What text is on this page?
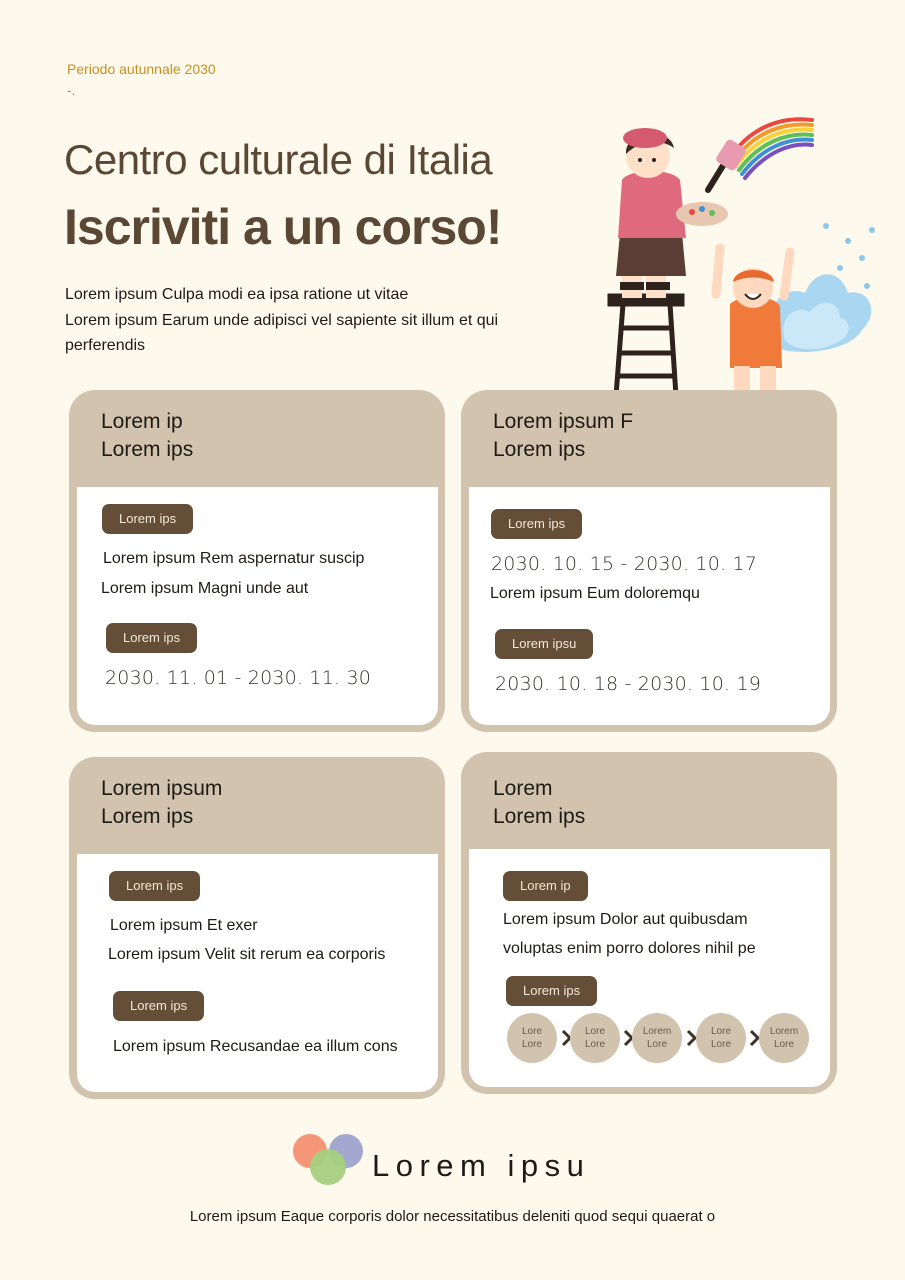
Periodo autunnale 2030
-.
Centro culturale di Italia
Iscriviti a un corso!
Lorem ipsum Culpa modi ea ipsa ratione ut vitae
Lorem ipsum Earum unde adipisci vel sapiente sit illum et qui
perferendis
Lorem ip
Lorem ips
Lorem ips
Lorem ipsum Rem aspernatur suscip
Lorem ipsum Magni unde aut
Lorem ips
2030. 11. 01 - 2030. 11. 30
Lorem ipsum F
Lorem ips
Lorem ips
2030. 10. 15 - 2030. 10. 17
Lorem ipsum Eum doloremqu
Lorem ipsu
2030. 10. 18 - 2030. 10. 19
Lorem ipsum
Lorem ips
Lorem ips
Lorem ipsum Et exer
Lorem ipsum Velit sit rerum ea corporis
Lorem ips
Lorem ipsum Recusandae ea illum cons
Lorem
Lorem ips
Lorem ip
Lorem ipsum Dolor aut quibusdam
voluptas enim porro dolores nihil pe
Lorem ips
Lore
Lore
Lore
Lore
Lorem
Lore
Lore
Lore
Lorem
Lore
Lorem ipsu
Lorem ipsum Eaque corporis dolor necessitatibus deleniti quod sequi quaerat o
